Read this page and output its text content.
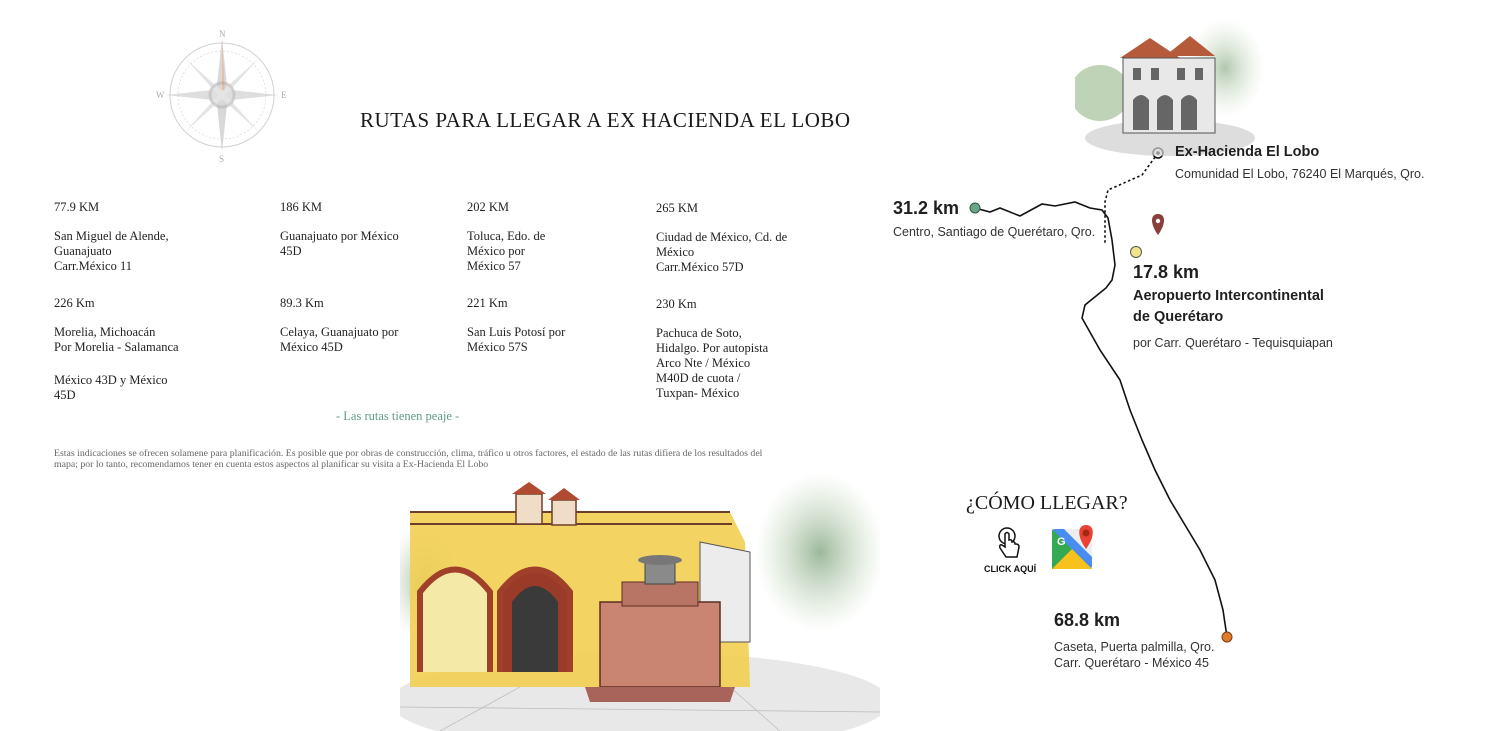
N
S
E
W
RUTAS PARA LLEGAR A EX HACIENDA EL LOBO
77.9 KM
San Miguel de Alende,
Guanajuato
Carr.México 11
186 KM
Guanajuato por México
45D
202 KM
Toluca, Edo. de
México por
México 57
265 KM
Ciudad de México, Cd. de
México
Carr.México 57D
226 Km
Morelia, Michoacán
Por Morelia - Salamanca
México 43D y México
45D
89.3 Km
Celaya, Guanajuato por
México 45D
221 Km
San Luis Potosí por
México 57S
230 Km
Pachuca de Soto,
Hidalgo. Por autopista
Arco Nte / México
M40D de cuota /
Tuxpan- México
- Las rutas tienen peaje -
Estas indicaciones se ofrecen solamene para planificación. Es posible que por obras de construcción, clima, tráfico u otros factores, el estado de las rutas difiera de los resultados del mapa; por lo tanto, recomendamos tener en cuenta estos aspectos al planificar su visita a Ex-Hacienda El Lobo
Ex-Hacienda El Lobo
Comunidad El Lobo, 76240 El Marqués, Qro.
31.2 km
Centro, Santiago de Querétaro, Qro.
17.8 km
Aeropuerto Intercontinental
de Querétaro
por Carr. Querétaro - Tequisquiapan
68.8 km
Caseta, Puerta palmilla, Qro.
Carr. Querétaro - México 45
¿CÓMO LLEGAR?
CLICK AQUÍ
G
